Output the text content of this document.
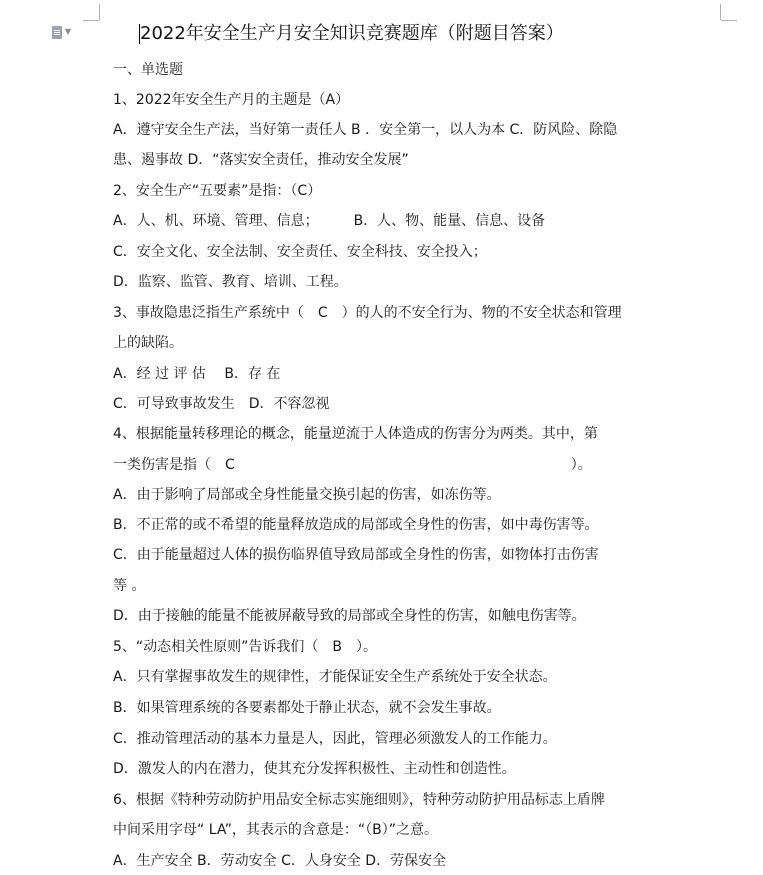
▼	2022年安全生产月安全知识竞赛题库（附题目答案）
一、单选题
1、2022年安全生产月的主题是（A）
A．遵守安全生产法，当好第一责任人 B ．安全第一，以人为本 C．防风险、除隐
患、遏事故 D．“落实安全责任，推动安全发展”
2、安全生产“五要素”是指：（C）
A．人、机、环境、管理、信息；　　　B．人、物、能量、信息、设备
C．安全文化、安全法制、安全责任、安全科技、安全投入；
D．监察、监管、教育、培训、工程。
3、事故隐患泛指生产系统中（　C　）的人的不安全行为、物的不安全状态和管理
上的缺陷。
A．经 过 评 估　 B．存 在
C．可导致事故发生　D．不容忽视
4、根据能量转移理论的概念，能量逆流于人体造成的伤害分为两类。其中，第
一类伤害是指（　C　　　　　　　　　　　　　　　　　　　　　　　　）。
A．由于影响了局部或全身性能量交换引起的伤害，如冻伤等。
B．不正常的或不希望的能量释放造成的局部或全身性的伤害，如中毒伤害等。
C．由于能量超过人体的损伤临界值导致局部或全身性的伤害，如物体打击伤害
等 。
D．由于接触的能量不能被屏蔽导致的局部或全身性的伤害，如触电伤害等。
5、“动态相关性原则”告诉我们（　B　）。
A．只有掌握事故发生的规律性，才能保证安全生产系统处于安全状态。
B．如果管理系统的各要素都处于静止状态，就不会发生事故。
C．推动管理活动的基本力量是人，因此，管理必须激发人的工作能力。
D．激发人的内在潜力，使其充分发挥积极性、主动性和创造性。
6、根据《特种劳动防护用品安全标志实施细则》，特种劳动防护用品标志上盾牌
中间采用字母“ LA”，其表示的含意是：“（B）”之意。
A．生产安全 B．劳动安全 C．人身安全 D．劳保安全
